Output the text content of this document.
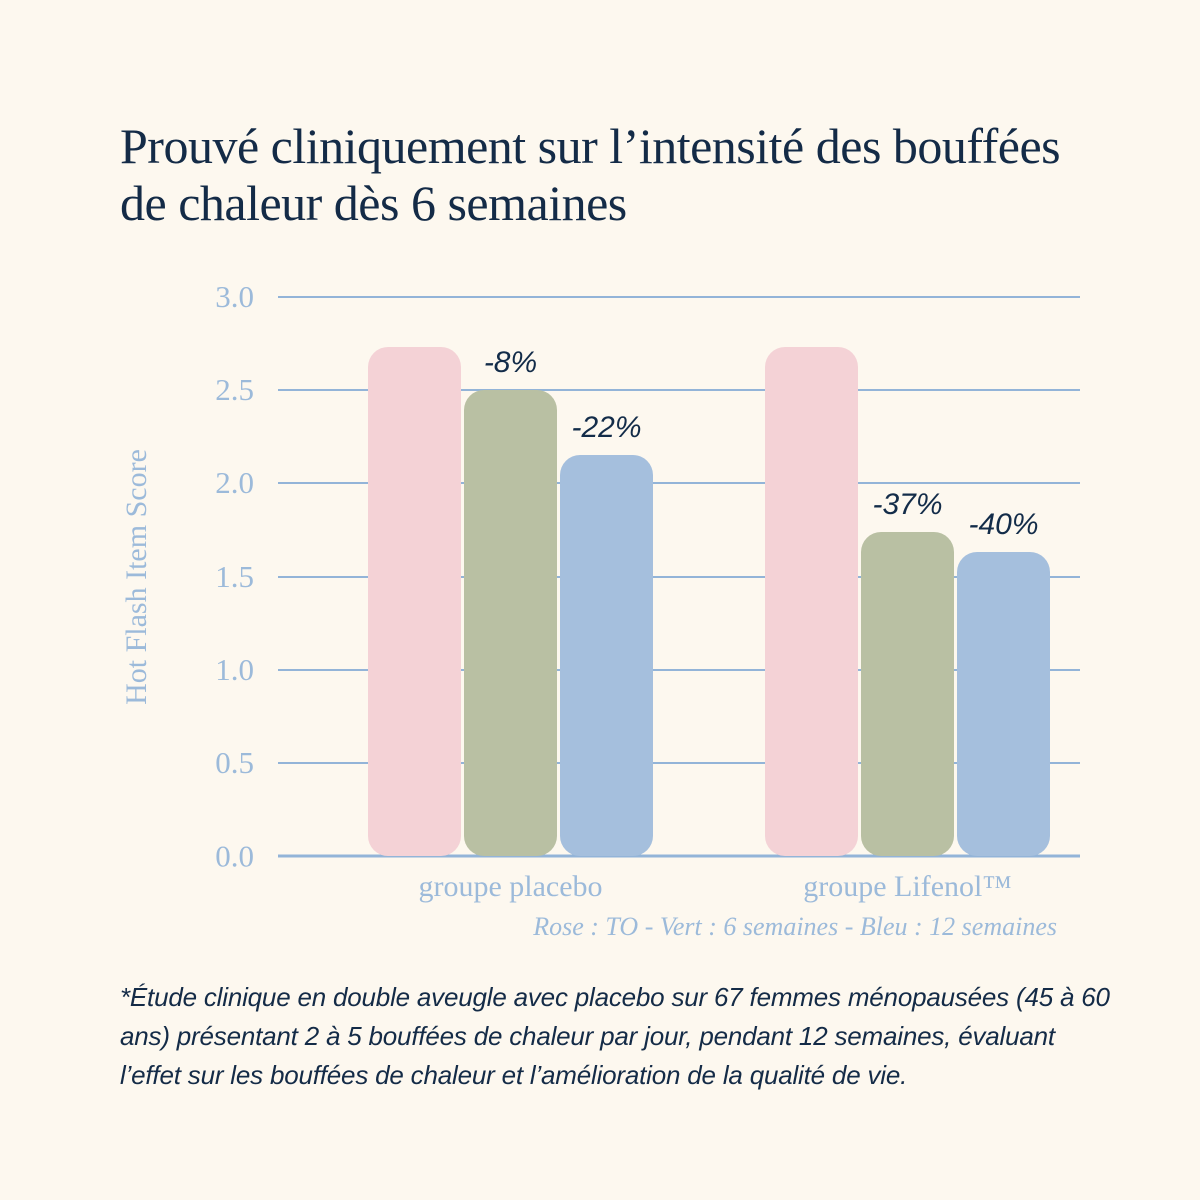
Prouvé cliniquement sur l’intensité des bouffées de chaleur dès 6 semaines
Hot Flash Item Score
3.0
2.5
2.0
1.5
1.0
0.5
0.0
-8%
-22%
groupe placebo
-37%
-40%
groupe Lifenol™
Rose : TO - Vert : 6 semaines - Bleu : 12 semaines

*Étude clinique en double aveugle avec placebo sur 67 femmes ménopausées (45 à 60 ans) présentant 2 à 5 bouffées de chaleur par jour, pendant 12 semaines, évaluant l’effet sur les bouffées de chaleur et l’amélioration de la qualité de vie.
